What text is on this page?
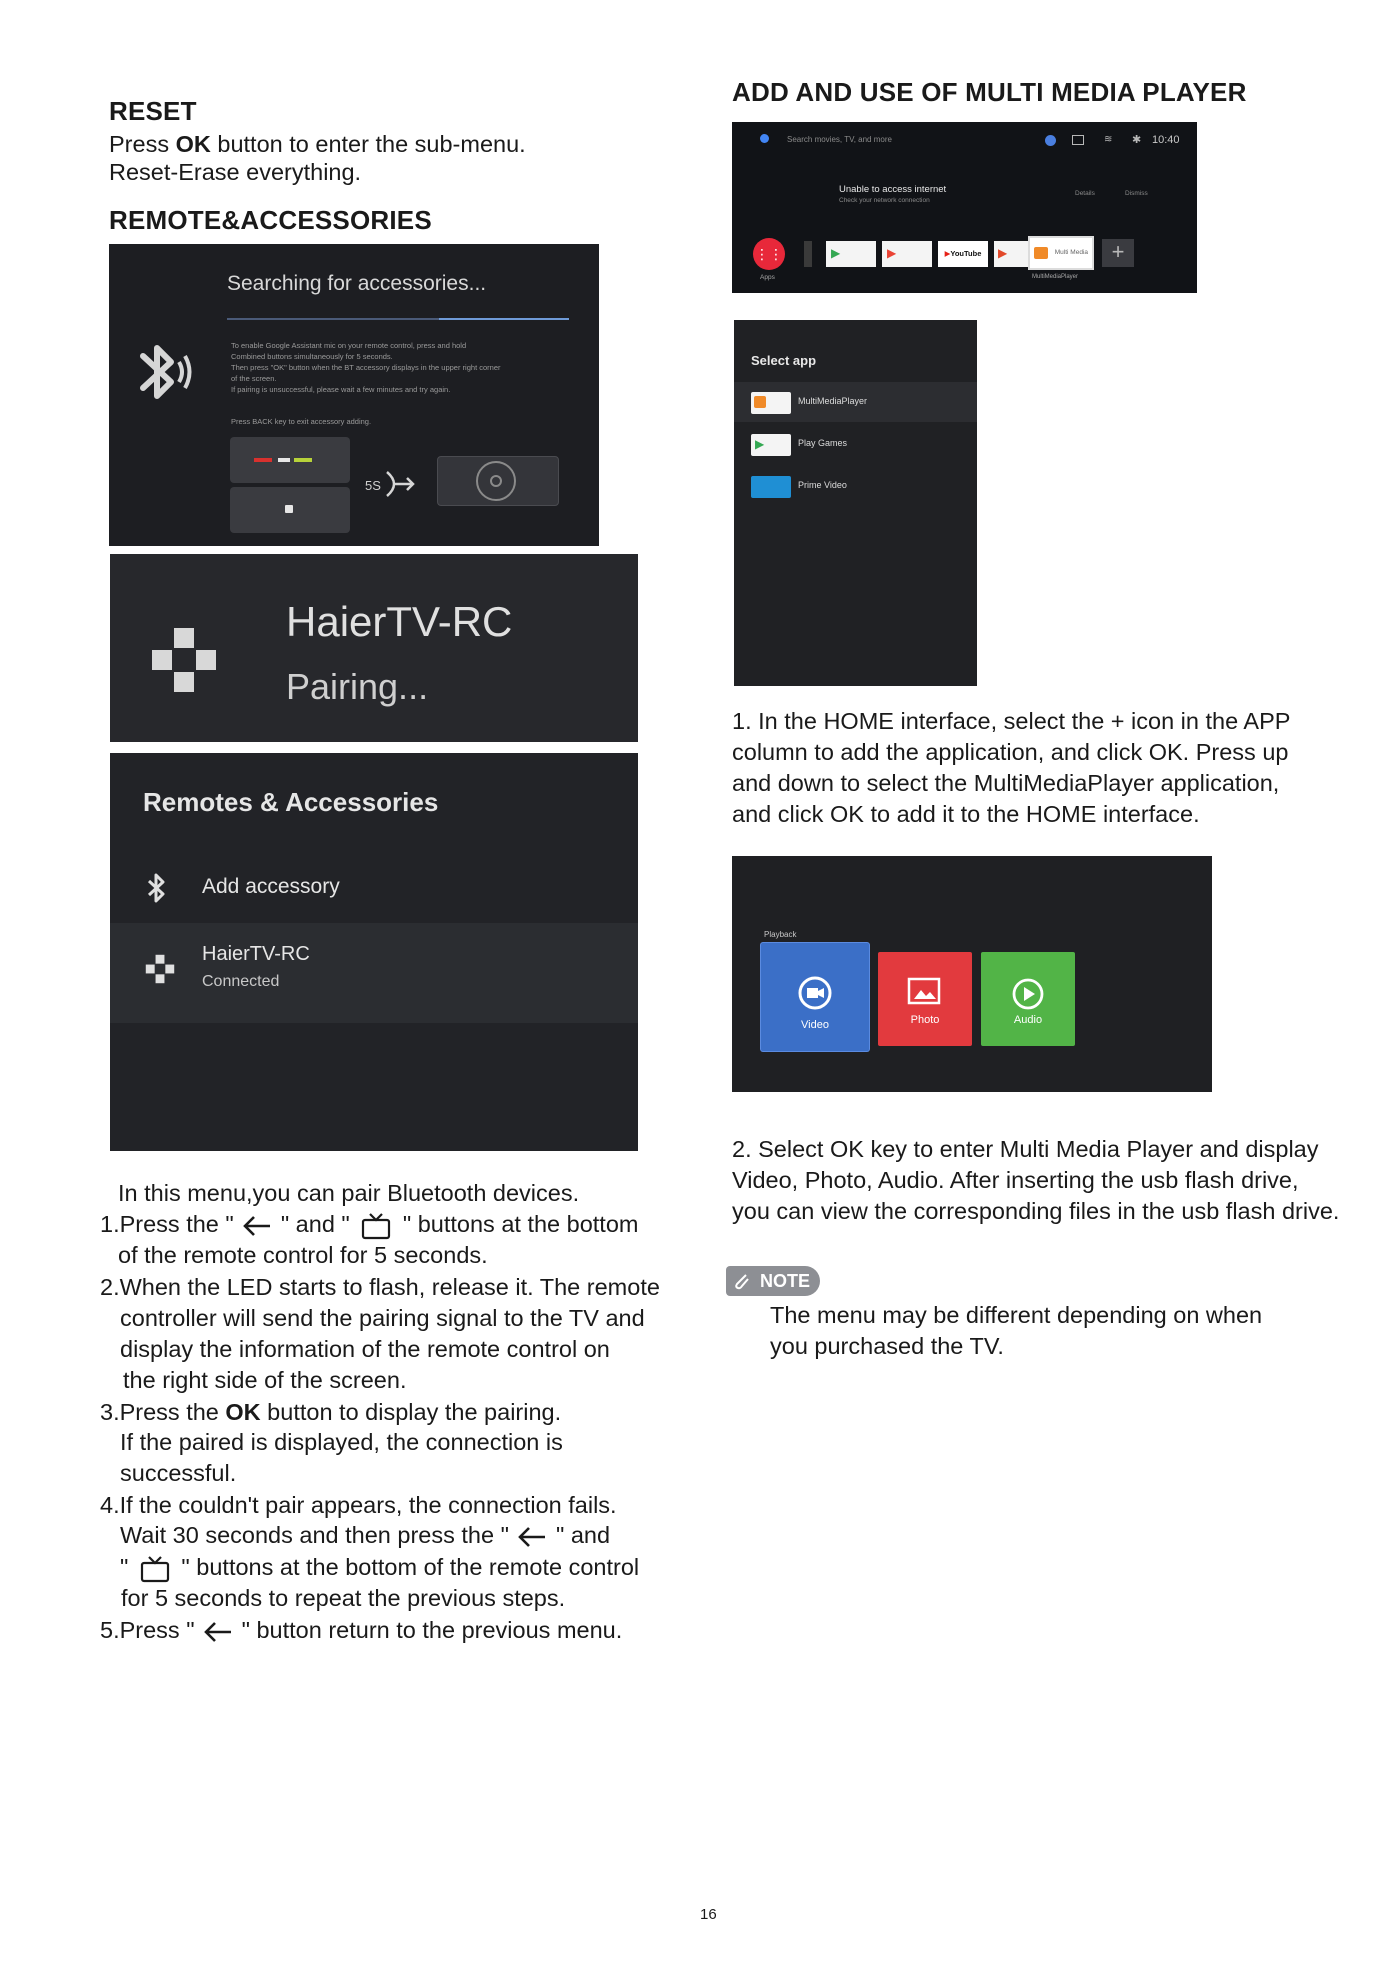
RESET
Press OK button to enter the sub-menu.
Reset-Erase everything.
REMOTE&ACCESSORIES
Searching for accessories...
To enable Google Assistant mic on your remote control, press and hold
Combined buttons simultaneously for 5 seconds.
Then press "OK" button when the BT accessory displays in the upper right corner
of the screen.
If pairing is unsuccessful, please wait a few minutes and try again.
Press BACK key to exit accessory adding.
5S
HaierTV-RC
Pairing...
Remotes & Accessories
Add accessory
HaierTV-RC
Connected
In this menu,you can pair Bluetooth devices.
1.Press the "  " and "  " buttons at the bottom
of the remote control for 5 seconds.
2.When the LED starts to flash, release it. The remote
controller will send the pairing signal to the TV and
display the information of the remote control on
the right side of the screen.
3.Press the OK button to display the pairing.
If the paired is displayed, the connection is
successful.
4.If the couldn't pair appears, the connection fails.
Wait 30 seconds and then press the "  " and
"  " buttons at the bottom of the remote control
for 5 seconds to repeat the previous steps.
5.Press "  " button return to the previous menu.
ADD AND USE OF MULTI MEDIA PLAYER
Search movies, TV, and more	≋ ✱ 10:40
Unable to access internet
Check your network connection
Details	Dismiss
⋮⋮
Apps
▶	▶	▶YouTube	▶	Multi Media
MultiMediaPlayer
+
Select app
MultiMediaPlayer
▶	Play Games
Prime Video
1. In the HOME interface, select the + icon in the APP
column to add the application, and click OK. Press up
and down to select the MultiMediaPlayer application,
and click OK to add it to the HOME interface.
Playback
Video	Photo	Audio
2. Select OK key to enter Multi Media Player and display
Video, Photo, Audio. After inserting the usb flash drive,
you can view the corresponding files in the usb flash drive.
NOTE
The menu may be different depending on when
you purchased the TV.
16
